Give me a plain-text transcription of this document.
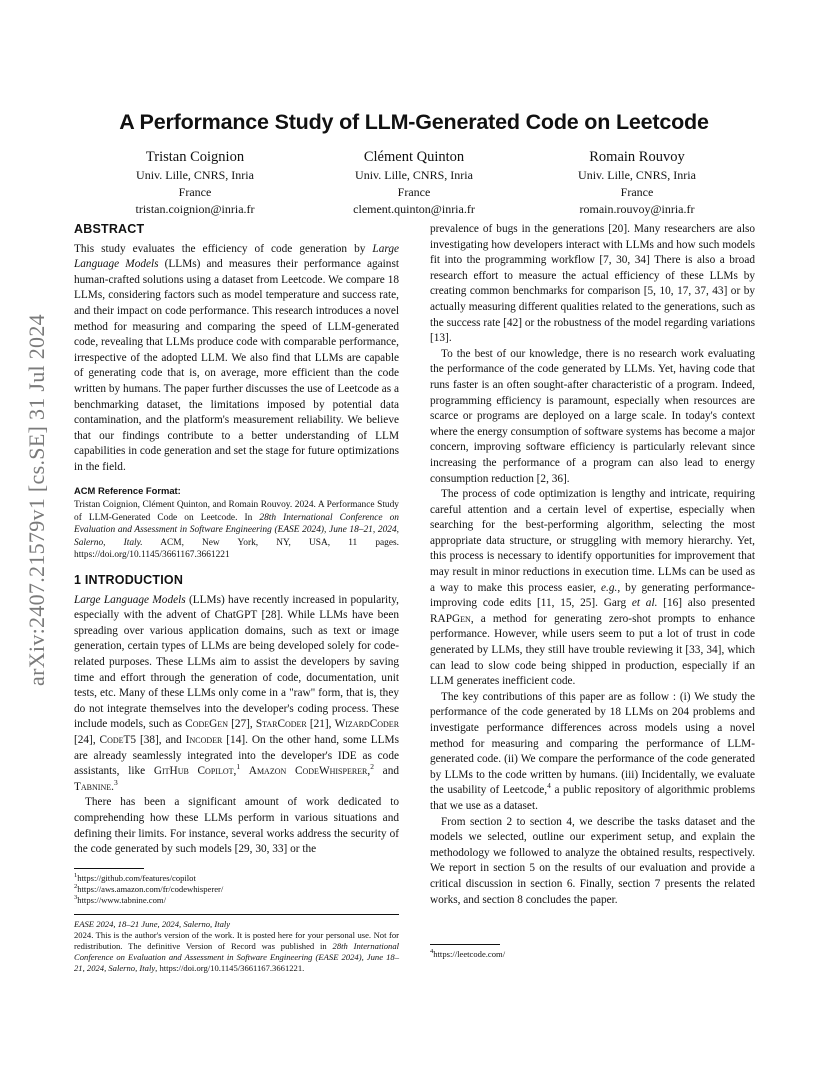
arXiv:2407.21579v1 [cs.SE] 31 Jul 2024
A Performance Study of LLM-Generated Code on Leetcode
Tristan Coignion
Univ. Lille, CNRS, Inria
France
tristan.coignion@inria.fr
Clément Quinton
Univ. Lille, CNRS, Inria
France
clement.quinton@inria.fr
Romain Rouvoy
Univ. Lille, CNRS, Inria
France
romain.rouvoy@inria.fr
ABSTRACT

This study evaluates the efficiency of code generation by Large Language Models (LLMs) and measures their performance against human-crafted solutions using a dataset from Leetcode. We compare 18 LLMs, considering factors such as model temperature and success rate, and their impact on code performance. This research introduces a novel method for measuring and comparing the speed of LLM-generated code, revealing that LLMs produce code with comparable performance, irrespective of the adopted LLM. We also find that LLMs are capable of generating code that is, on average, more efficient than the code written by humans. The paper further discusses the use of Leetcode as a benchmarking dataset, the limitations imposed by potential data contamination, and the platform's measurement reliability. We believe that our findings contribute to a better understanding of LLM capabilities in code generation and set the stage for future optimizations in the field.

ACM Reference Format:
Tristan Coignion, Clément Quinton, and Romain Rouvoy. 2024. A Performance Study of LLM-Generated Code on Leetcode. In 28th International Conference on Evaluation and Assessment in Software Engineering (EASE 2024), June 18–21, 2024, Salerno, Italy. ACM, New York, NY, USA, 11 pages. https://doi.org/10.1145/3661167.3661221
1 INTRODUCTION

Large Language Models (LLMs) have recently increased in popularity, especially with the advent of ChatGPT [28]. While LLMs have been spreading over various application domains, such as text or image generation, certain types of LLMs are being developed solely for code-related purposes. These LLMs aim to assist the developers by saving time and effort through the generation of code, documentation, unit tests, etc. Many of these LLMs only come in a "raw" form, that is, they do not integrate themselves into the developer's coding process. These include models, such as CodeGen [27], StarCoder [21], WizardCoder [24], CodeT5 [38], and Incoder [14]. On the other hand, some LLMs are already seamlessly integrated into the developer's IDE as code assistants, like GitHub Copilot,$^1$ Amazon CodeWhisperer,$^2$ and Tabnine.$^3$

There has been a significant amount of work dedicated to comprehending how these LLMs perform in various situations and defining their limits. For instance, several works address the security of the code generated by such models [29, 30, 33] or the

$^1$https://github.com/features/copilot
$^2$https://aws.amazon.com/fr/codewhisperer/
$^3$https://www.tabnine.com/
EASE 2024, 18–21 June, 2024, Salerno, Italy
2024. This is the author's version of the work. It is posted here for your personal use. Not for redistribution. The definitive Version of Record was published in 28th International Conference on Evaluation and Assessment in Software Engineering (EASE 2024), June 18–21, 2024, Salerno, Italy, https://doi.org/10.1145/3661167.3661221.

prevalence of bugs in the generations [20]. Many researchers are also investigating how developers interact with LLMs and how such models fit into the programming workflow [7, 30, 34] There is also a broad research effort to measure the actual efficiency of these LLMs by creating common benchmarks for comparison [5, 10, 17, 37, 43] or by actually measuring different qualities related to the generations, such as the success rate [42] or the robustness of the model regarding variations [13].

To the best of our knowledge, there is no research work evaluating the performance of the code generated by LLMs. Yet, having code that runs faster is an often sought-after characteristic of a program. Indeed, programming efficiency is paramount, especially when resources are scarce or programs are deployed on a large scale. In today's context where the energy consumption of software systems has become a major concern, improving software efficiency is particularly relevant since increasing the performance of a program can also lead to energy consumption reduction [2, 36].

The process of code optimization is lengthy and intricate, requiring careful attention and a certain level of expertise, especially when searching for the best-performing algorithm, selecting the most appropriate data structure, or struggling with memory hierarchy. Yet, this process is necessary to identify opportunities for improvement that may result in minor reductions in execution time. LLMs can be used as a way to make this process easier, e.g., by generating performance-improving code edits [11, 15, 25]. Garg et al. [16] also presented RAPGen, a method for generating zero-shot prompts to enhance performance. However, while users seem to put a lot of trust in code generated by LLMs, they still have trouble reviewing it [33, 34], which can lead to slow code being shipped in production, especially if an LLM generates inefficient code.

The key contributions of this paper are as follow : (i) We study the performance of the code generated by 18 LLMs on 204 problems and investigate performance differences across models using a novel method for measuring and comparing the performance of LLM-generated code. (ii) We compare the performance of the code generated by LLMs to the code written by humans. (iii) Incidentally, we evaluate the usability of Leetcode,$^4$ a public repository of algorithmic problems that we use as a dataset.

From section 2 to section 4, we describe the tasks dataset and the models we selected, outline our experiment setup, and explain the methodology we followed to analyze the obtained results, respectively. We report in section 5 on the results of our evaluation and provide a critical discussion in section 6. Finally, section 7 presents the related works, and section 8 concludes the paper.

$^4$https://leetcode.com/
